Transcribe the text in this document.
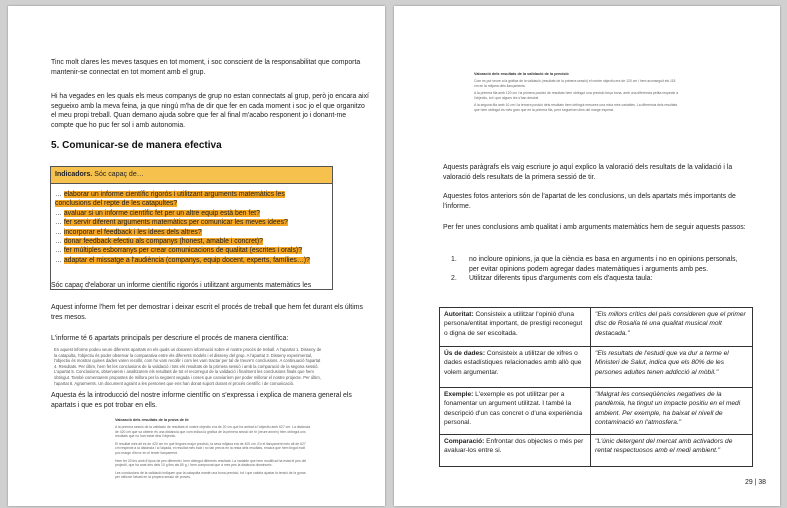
Tinc molt clares les meves tasques en tot moment, i soc conscient de la responsabilitat que comporta mantenir-se connectat en tot moment amb el grup.

Hi ha vegades en les quals els meus companys de grup no estan connectats al grup, però jo encara així segueixo amb la meva feina, ja que ningú m'ha de dir que fer en cada moment i soc jo el que organitzo el meu propi treball. Quan demano ajuda sobre que fer al final m'acabo responent jo i donant-me compte que ho puc fer sol i amb autonomia.

5. Comunicar-se de manera efectiva
Indicadors. Sóc capaç de…
… elaborar un informe científic rigorós i utilitzant arguments matemàtics les
conclusions del repte de les catapultes?
… avaluar si un informe científic fet per un altre equip està ben fet?
… fer servir diferent arguments matemàtics per comunicar les meves idees?
… incorporar el feedback i les idees dels altres?
… donar feedback efectiu als companys (honest, amable i concret)?
… fer múltiples esborranys per crear comunicacions de qualitat (escrites i orals)?
… adaptar el missatge a l'audiència (companys, equip docent, experts, famílies…)?

Sóc capaç d'elaborar un informe científic rigorós i utilitzant arguments matemàtics les

Aquest informe l'hem fet per demostrar i deixar escrit el procés de treball que hem fet durant els últims tres mesos.

L'informe té 6 apartats principals per descriure el procés de manera científica:

En aquest informe podeu veure diferents apartats en els quals us donarem informació sobre el nostre procés de treball. A l'apartat 1. Disseny de la catapulta, l'objectiu és poder observar la comparativa entre els diferents models i el disseny del grup. A l'apartat 3. Disseny experimental, l'objectiu és mostrar quines dades varen recollir, com ho vam recollir i com les vam tractar per tal de treure'n conclusions. A continuació l'apartat 4. Resultats. Per últim, hem fet les conclusions de la validació i tots els resultats de la primera sessió i amb la comparació de la segona sessió. L'apartat 5. Conclusions, observarem i analitzarem els resultats de tot el recorregut de la validació i finalment les conclusions finals que hem obtingut. També comentarem propostes de millora per la següent vegada i coses que canviaríem per poder millorar el nostre projecte. Per últim, l'apartat 6. Agraïments. Un document agraint a les persones que ens han donat suport durant el procés científic i de comunicació.

Aquesta és la introducció del nostre informe científic on s'expressa i explica de manera general els apartats i que es pot trobar en ells.

Valoració dels resultats de la prova de tir

A la primera sessió de la validació de resultats el nostre objectiu era de 20 cm que ha arribat a l'objectiu amb 627 cm. La distància de 420 cm que va obtenir és una distància que com indica la gràfica de la primera sessió de tir (veure annex) hem obtingut uns resultats que no han estat dins l'objectiu.

El resultat més alt és de 420 cm en què tingues major precisió, la seva mitjana era de 400 cm. En el llançament més alt de 627 cm respecte a la distància i a l'alçada, el resultat més baix i no tan precís en la resta dels resultats, encara que hem tingut molt poc marge d'error en el tercer llançament.

Hem fet 20 tirs amb 8 tipus de pes diferents i hem obtingut diferents resultats. La variable que hem modificat ha estat el pes del projectil, que ha anat des dels 10 g fins als 80 g, i hem comprovat que a més pes la distància disminueix.

Les conclusions de la validació indiquen que la catapulta manté una bona precisió, tot i que caldria ajustar la tensió de la goma per millorar l'abast en la propera sessió de proves.

Valoració dels resultats de la validació de la precisió

Com es pot veure a la gràfica de la validació (resultats de la primera sessió) el nostre objectiu era de 120 cm i hem aconseguit els 118 cm en la mitjana dels llançaments.

A la primera fila amb 120 cm i la primera posició de resultats hem obtingut una precisió força bona, amb una diferència petita respecte a l'objectiu, tot i que alguns tirs s'han desviat.

A la segona fila amb 10 cm i la tercera posició dels resultats hem obtingut mesures una mica més variables. La diferència dels resultats que hem obtingut és més gran que en la primera fila, però segueixen dins del marge esperat.

Aquests paràgrafs els vaig escriure jo aquí explico la valoració dels resultats de la validació i la valoració dels resultats de la primera sessió de tir.

Aquestes fotos anteriors són de l'apartat de les conclusions, un dels apartats més importants de l'informe.

Per fer unes conclusions amb qualitat i amb arguments matemàtics hem de seguir aquests passos:

1. no incloure opinions, ja que la ciència es basa en arguments i no en opinions personals, per evitar opinions podem agregar dades matemàtiques i arguments amb pes.
2. Utilitzar diferents tipus d'arguments com els d'aquesta taula:
Autoritat: Consisteix a utilitzar l'opinió d'una persona/entitat important, de prestigi reconegut o digna de ser escoltada.	"Els millors crítics del país consideren que el primer disc de Rosalía té una qualitat musical molt destacada."
Ús de dades: Consisteix a utilitzar de xifres o dades estadístiques relacionades amb allò que volem argumentar.	"Els resultats de l'estudi que va dur a terme el Ministeri de Salut, indica que els 80% de les persones adultes tenen addicció al mòbil."
Exemple: L'exemple es pot utilitzar per a fonamentar un argument utilitzat. I també la descripció d'un cas concret o d'una experiència personal.	"Malgrat les conseqüències negatives de la pandèmia, ha tingut un impacte positiu en el medi ambient. Per exemple, ha baixat el nivell de contaminació en l'atmosfera."
Comparació: Enfrontar dos objectes o més per avaluar-los entre si.	"L'únic detergent del mercat amb activadors de rentat respectuosos amb el medi ambient."

29 | 38
